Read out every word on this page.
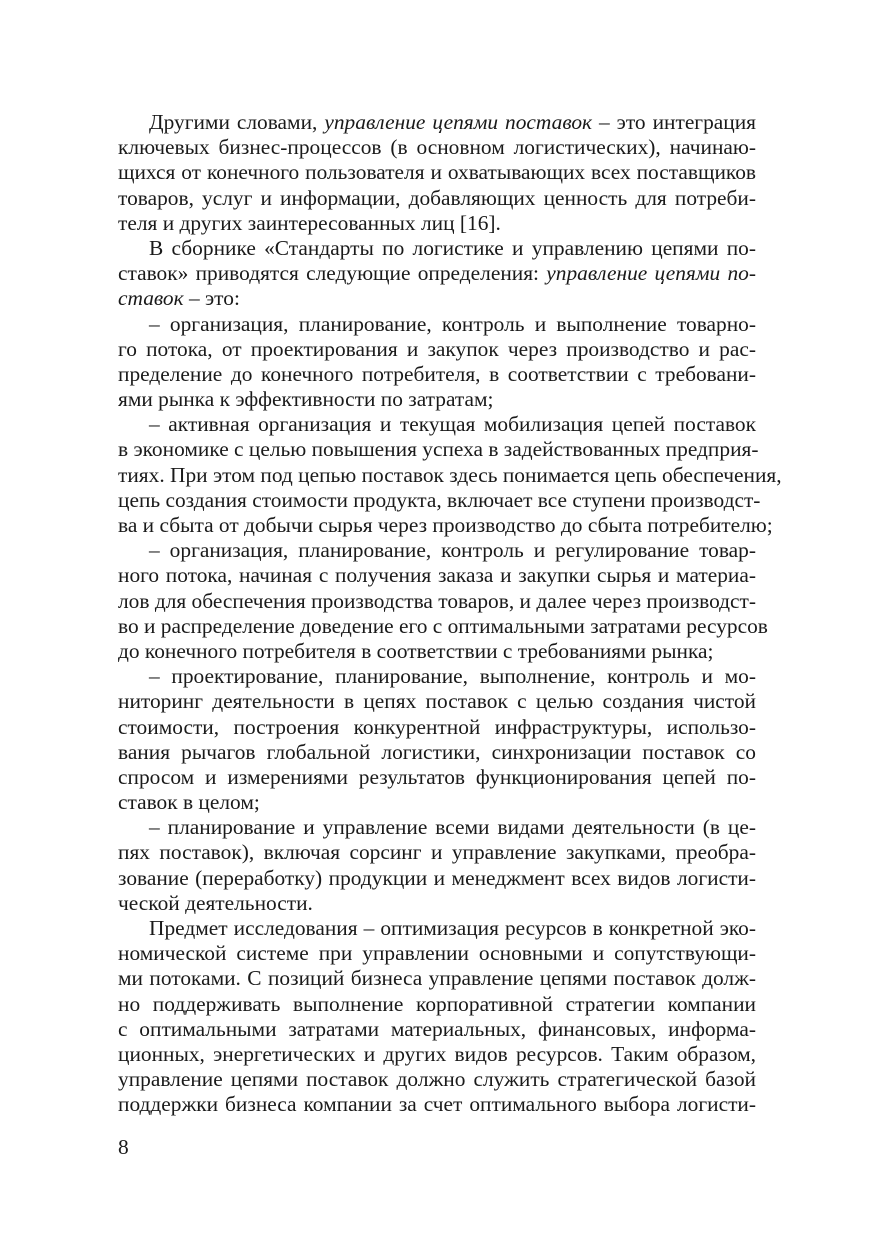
Другими словами, управление цепями поставок – это интеграция
ключевых бизнес-процессов (в основном логистических), начинаю-
щихся от конечного пользователя и охватывающих всех поставщиков
товаров, услуг и информации, добавляющих ценность для потреби-
теля и других заинтересованных лиц [16].
В сборнике «Стандарты по логистике и управлению цепями по-
ставок» приводятся следующие определения: управление цепями по-
ставок – это:
– организация, планирование, контроль и выполнение товарно-
го потока, от проектирования и закупок через производство и рас-
пределение до конечного потребителя, в соответствии с требовани-
ями рынка к эффективности по затратам;
– активная организация и текущая мобилизация цепей поставок
в экономике с целью повышения успеха в задействованных предприя-
тиях. При этом под цепью поставок здесь понимается цепь обеспечения,
цепь создания стоимости продукта, включает все ступени производст-
ва и сбыта от добычи сырья через производство до сбыта потребителю;
– организация, планирование, контроль и регулирование товар-
ного потока, начиная с получения заказа и закупки сырья и материа-
лов для обеспечения производства товаров, и далее через производст-
во и распределение доведение его с оптимальными затратами ресурсов
до конечного потребителя в соответствии с требованиями рынка;
– проектирование, планирование, выполнение, контроль и мо-
ниторинг деятельности в цепях поставок с целью создания чистой
стоимости, построения конкурентной инфраструктуры, использо-
вания рычагов глобальной логистики, синхронизации поставок со
спросом и измерениями результатов функционирования цепей по-
ставок в целом;
– планирование и управление всеми видами деятельности (в це-
пях поставок), включая сорсинг и управление закупками, преобра-
зование (переработку) продукции и менеджмент всех видов логисти-
ческой деятельности.
Предмет исследования – оптимизация ресурсов в конкретной эко-
номической системе при управлении основными и сопутствующи-
ми потоками. С позиций бизнеса управление цепями поставок долж-
но поддерживать выполнение корпоративной стратегии компании
с оптимальными затратами материальных, финансовых, информа-
ционных, энергетических и других видов ресурсов. Таким образом,
управление цепями поставок должно служить стратегической базой
поддержки бизнеса компании за счет оптимального выбора логисти-
8
